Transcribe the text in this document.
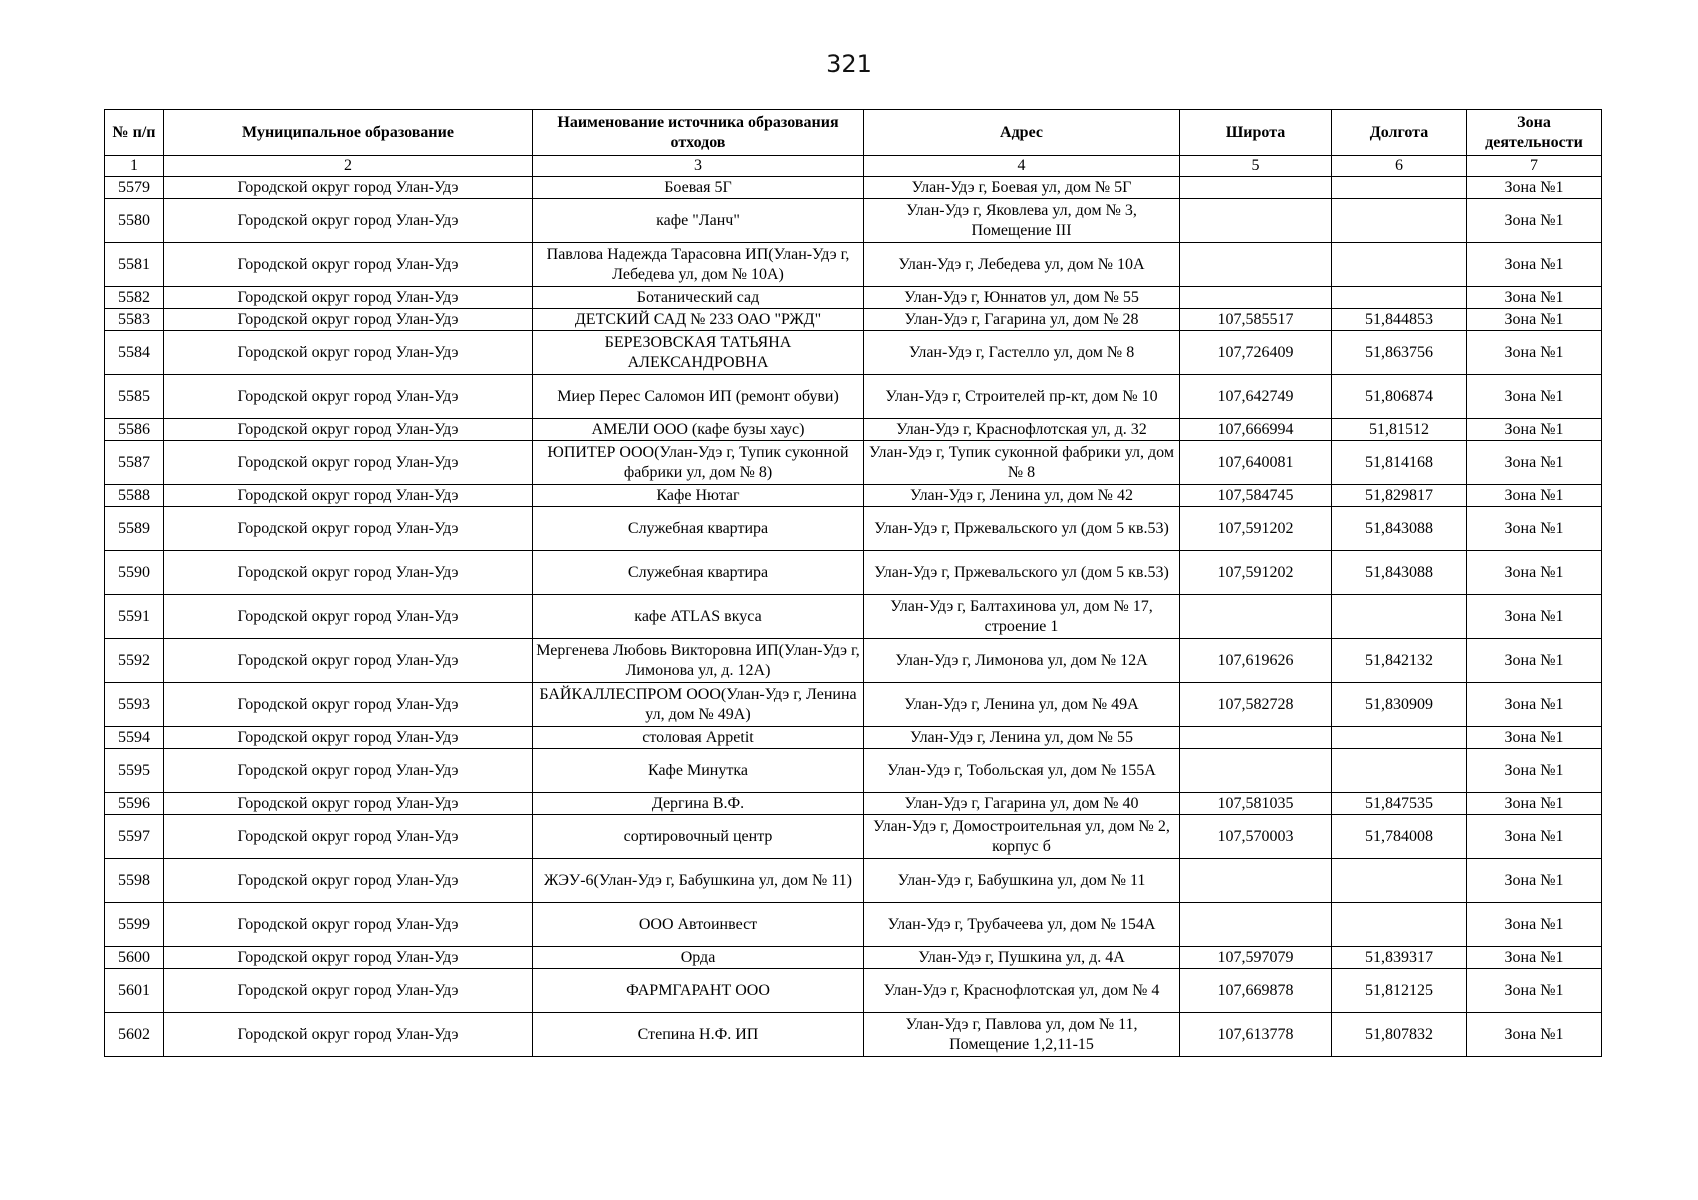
321
№ п/п	Муниципальное образование	Наименование источника образования отходов	Адрес	Широта	Долгота	Зона деятельности
1	2	3	4	5	6	7
5579	Городской округ город Улан-Удэ	Боевая 5Г	Улан-Удэ г, Боевая ул, дом № 5Г			Зона №1
5580	Городской округ город Улан-Удэ	кафе "Ланч"	Улан-Удэ г, Яковлева ул, дом № 3, Помещение III			Зона №1
5581	Городской округ город Улан-Удэ	Павлова Надежда Тарасовна ИП(Улан-Удэ г, Лебедева ул, дом № 10А)	Улан-Удэ г, Лебедева ул, дом № 10А			Зона №1
5582	Городской округ город Улан-Удэ	Ботанический сад	Улан-Удэ г, Юннатов ул, дом № 55			Зона №1
5583	Городской округ город Улан-Удэ	ДЕТСКИЙ САД № 233 ОАО "РЖД"	Улан-Удэ г, Гагарина ул, дом № 28	107,585517	51,844853	Зона №1
5584	Городской округ город Улан-Удэ	БЕРЕЗОВСКАЯ ТАТЬЯНА АЛЕКСАНДРОВНА	Улан-Удэ г, Гастелло ул, дом № 8	107,726409	51,863756	Зона №1
5585	Городской округ город Улан-Удэ	Миер Перес Саломон ИП (ремонт обуви)	Улан-Удэ г, Строителей пр-кт, дом № 10	107,642749	51,806874	Зона №1
5586	Городской округ город Улан-Удэ	АМЕЛИ ООО (кафе бузы хаус)	Улан-Удэ г, Краснофлотская ул, д. 32	107,666994	51,81512	Зона №1
5587	Городской округ город Улан-Удэ	ЮПИТЕР ООО(Улан-Удэ г, Тупик суконной фабрики ул, дом № 8)	Улан-Удэ г, Тупик суконной фабрики ул, дом № 8	107,640081	51,814168	Зона №1
5588	Городской округ город Улан-Удэ	Кафе Нютаг	Улан-Удэ г, Ленина ул, дом № 42	107,584745	51,829817	Зона №1
5589	Городской округ город Улан-Удэ	Служебная квартира	Улан-Удэ г, Пржевальского ул (дом 5 кв.53)	107,591202	51,843088	Зона №1
5590	Городской округ город Улан-Удэ	Служебная квартира	Улан-Удэ г, Пржевальского ул (дом 5 кв.53)	107,591202	51,843088	Зона №1
5591	Городской округ город Улан-Удэ	кафе ATLAS вкуса	Улан-Удэ г, Балтахинова ул, дом № 17, строение 1			Зона №1
5592	Городской округ город Улан-Удэ	Мергенева Любовь Викторовна ИП(Улан-Удэ г, Лимонова ул, д. 12А)	Улан-Удэ г, Лимонова ул, дом № 12А	107,619626	51,842132	Зона №1
5593	Городской округ город Улан-Удэ	БАЙКАЛЛЕСПРОМ ООО(Улан-Удэ г, Ленина ул, дом № 49А)	Улан-Удэ г, Ленина ул, дом № 49А	107,582728	51,830909	Зона №1
5594	Городской округ город Улан-Удэ	столовая Appetit	Улан-Удэ г, Ленина ул, дом № 55			Зона №1
5595	Городской округ город Улан-Удэ	Кафе Минутка	Улан-Удэ г, Тобольская ул, дом № 155А			Зона №1
5596	Городской округ город Улан-Удэ	Дергина В.Ф.	Улан-Удэ г, Гагарина ул, дом № 40	107,581035	51,847535	Зона №1
5597	Городской округ город Улан-Удэ	сортировочный центр	Улан-Удэ г, Домостроительная ул, дом № 2, корпус б	107,570003	51,784008	Зона №1
5598	Городской округ город Улан-Удэ	ЖЭУ-6(Улан-Удэ г, Бабушкина ул, дом № 11)	Улан-Удэ г, Бабушкина ул, дом № 11			Зона №1
5599	Городской округ город Улан-Удэ	ООО Автоинвест	Улан-Удэ г, Трубачеева ул, дом № 154А			Зона №1
5600	Городской округ город Улан-Удэ	Орда	Улан-Удэ г, Пушкина ул, д. 4А	107,597079	51,839317	Зона №1
5601	Городской округ город Улан-Удэ	ФАРМГАРАНТ ООО	Улан-Удэ г, Краснофлотская ул, дом № 4	107,669878	51,812125	Зона №1
5602	Городской округ город Улан-Удэ	Степина Н.Ф. ИП	Улан-Удэ г, Павлова ул, дом № 11, Помещение 1,2,11-15	107,613778	51,807832	Зона №1
